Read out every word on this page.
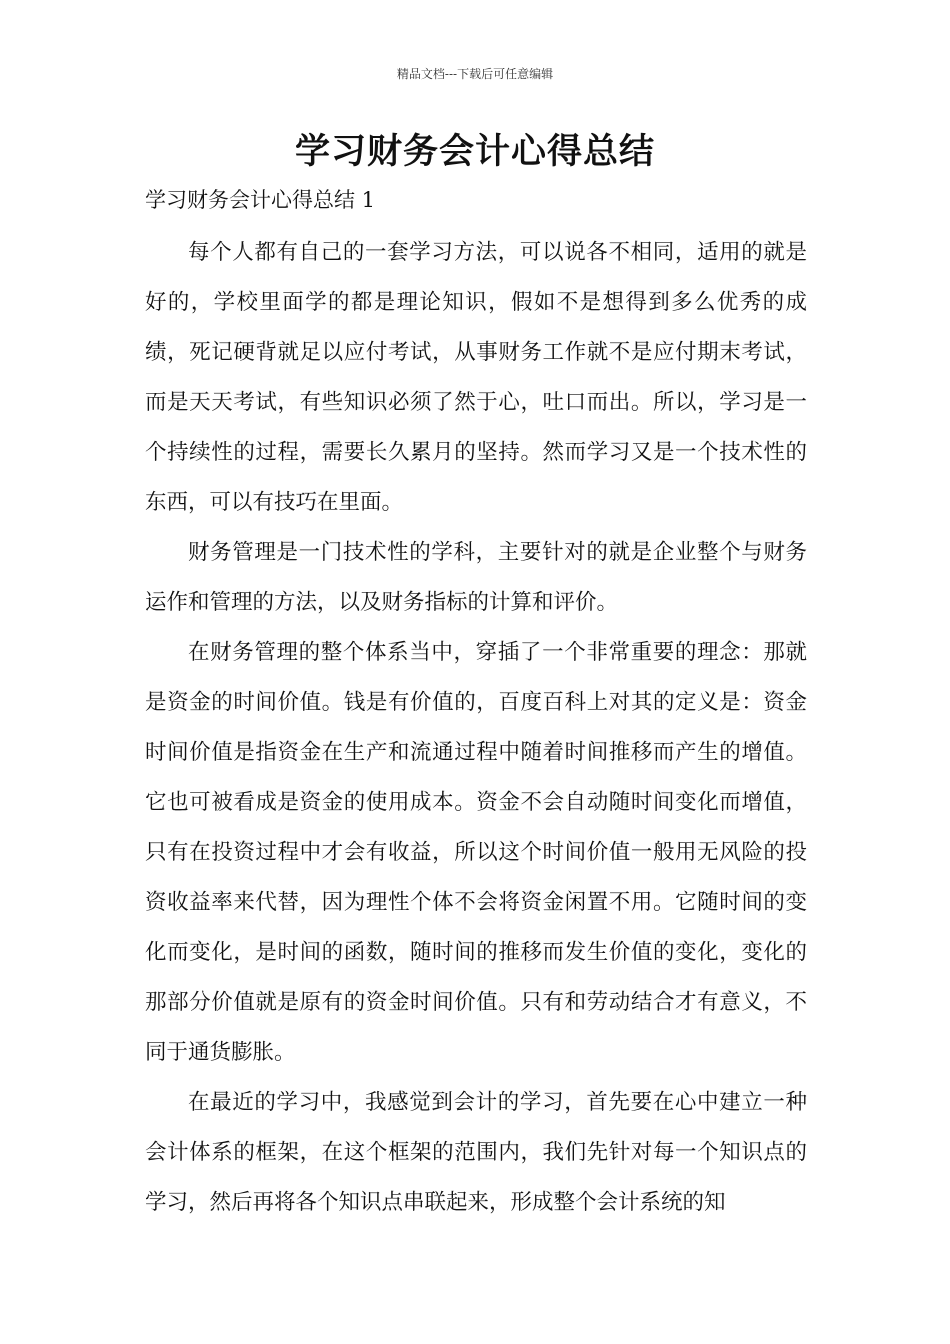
精品文档---下载后可任意编辑
学习财务会计心得总结
学习财务会计心得总结 1

每个人都有自己的一套学习方法，可以说各不相同，适用的就是好的，学校里面学的都是理论知识，假如不是想得到多么优秀的成绩，死记硬背就足以应付考试，从事财务工作就不是应付期末考试，而是天天考试，有些知识必须了然于心，吐口而出。所以，学习是一个持续性的过程，需要长久累月的坚持。然而学习又是一个技术性的东西，可以有技巧在里面。

财务管理是一门技术性的学科，主要针对的就是企业整个与财务运作和管理的方法，以及财务指标的计算和评价。

在财务管理的整个体系当中，穿插了一个非常重要的理念：那就是资金的时间价值。钱是有价值的，百度百科上对其的定义是：资金时间价值是指资金在生产和流通过程中随着时间推移而产生的增值。它也可被看成是资金的使用成本。资金不会自动随时间变化而增值，只有在投资过程中才会有收益，所以这个时间价值一般用无风险的投资收益率来代替，因为理性个体不会将资金闲置不用。它随时间的变化而变化，是时间的函数，随时间的推移而发生价值的变化，变化的那部分价值就是原有的资金时间价值。只有和劳动结合才有意义，不同于通货膨胀。

在最近的学习中，我感觉到会计的学习，首先要在心中建立一种会计体系的框架，在这个框架的范围内，我们先针对每一个知识点的学习，然后再将各个知识点串联起来，形成整个会计系统的知
